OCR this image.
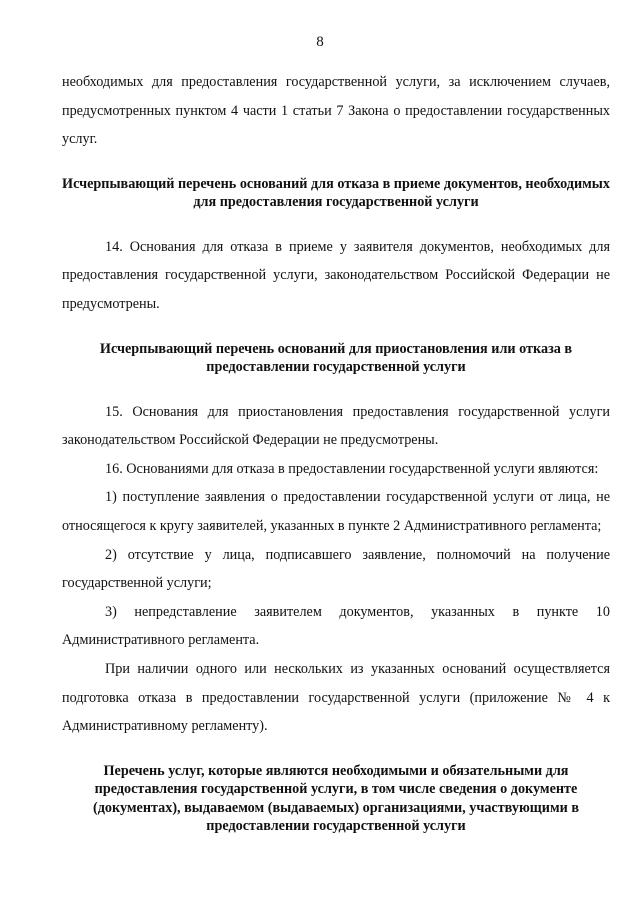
8

необходимых для предоставления государственной услуги, за исключением случаев, предусмотренных пунктом 4 части 1 статьи 7 Закона о предоставлении государственных услуг.

Исчерпывающий перечень оснований для отказа в приеме документов, необходимых для предоставления государственной услуги

14. Основания для отказа в приеме у заявителя документов, необходимых для предоставления государственной услуги, законодательством Российской Федерации не предусмотрены.

Исчерпывающий перечень оснований для приостановления или отказа в предоставлении государственной услуги

15. Основания для приостановления предоставления государственной услуги законодательством Российской Федерации не предусмотрены.

16. Основаниями для отказа в предоставлении государственной услуги являются:

1) поступление заявления о предоставлении государственной услуги от лица, не относящегося к кругу заявителей, указанных в пункте 2 Административного регламента;

2) отсутствие у лица, подписавшего заявление, полномочий на получение государственной услуги;

3) непредставление заявителем документов, указанных в пункте 10 Административного регламента.

При наличии одного или нескольких из указанных оснований осуществляется подготовка отказа в предоставлении государственной услуги (приложение № 4 к Административному регламенту).

Перечень услуг, которые являются необходимыми и обязательными для предоставления государственной услуги, в том числе сведения о документе (документах), выдаваемом (выдаваемых) организациями, участвующими в предоставлении государственной услуги
